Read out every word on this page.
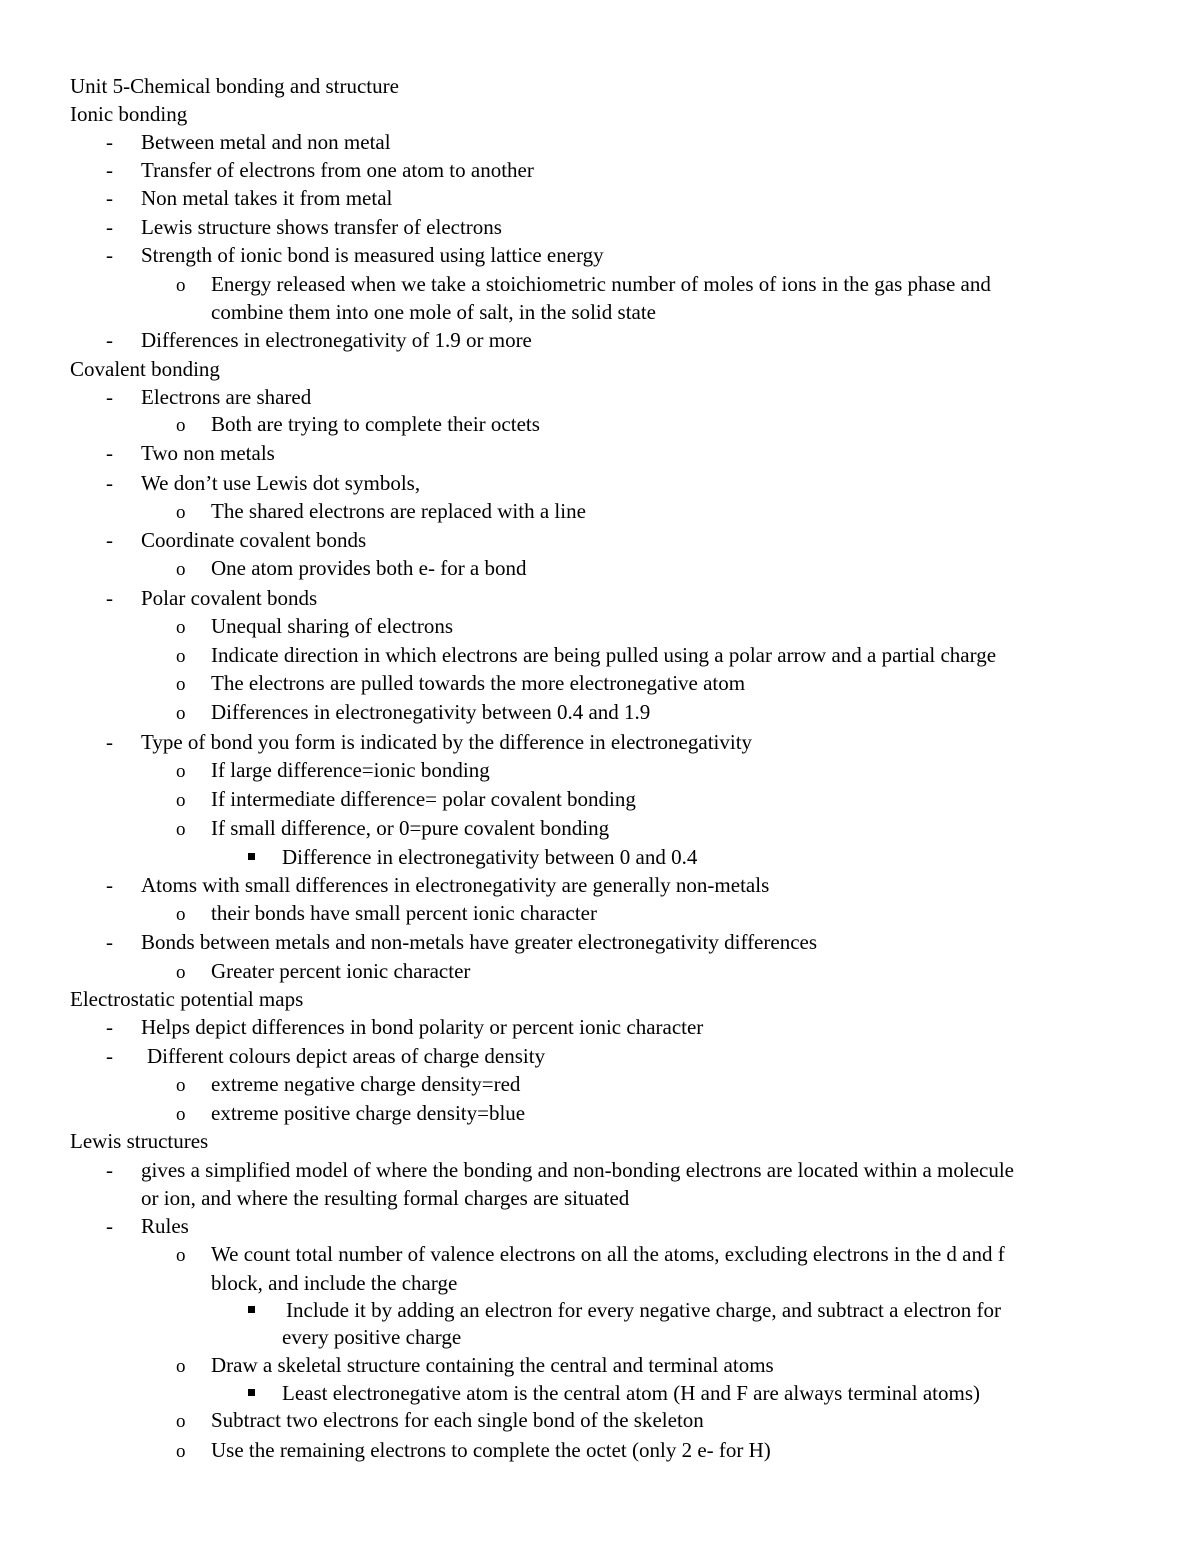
Unit 5-Chemical bonding and structure
Ionic bonding
- Between metal and non metal
- Transfer of electrons from one atom to another
- Non metal takes it from metal
- Lewis structure shows transfer of electrons
- Strength of ionic bond is measured using lattice energy
o Energy released when we take a stoichiometric number of moles of ions in the gas phase and
combine them into one mole of salt, in the solid state
- Differences in electronegativity of 1.9 or more
Covalent bonding
- Electrons are shared
o Both are trying to complete their octets
- Two non metals
- We don’t use Lewis dot symbols,
o The shared electrons are replaced with a line
- Coordinate covalent bonds
o One atom provides both e- for a bond
- Polar covalent bonds
o Unequal sharing of electrons
o Indicate direction in which electrons are being pulled using a polar arrow and a partial charge
o The electrons are pulled towards the more electronegative atom
o Differences in electronegativity between 0.4 and 1.9
- Type of bond you form is indicated by the difference in electronegativity
o If large difference=ionic bonding
o If intermediate difference= polar covalent bonding
o If small difference, or 0=pure covalent bonding
Difference in electronegativity between 0 and 0.4
- Atoms with small differences in electronegativity are generally non-metals
o their bonds have small percent ionic character
- Bonds between metals and non-metals have greater electronegativity differences
o Greater percent ionic character
Electrostatic potential maps
- Helps depict differences in bond polarity or percent ionic character
- Different colours depict areas of charge density
o extreme negative charge density=red
o extreme positive charge density=blue
Lewis structures
- gives a simplified model of where the bonding and non-bonding electrons are located within a molecule
or ion, and where the resulting formal charges are situated
- Rules
o We count total number of valence electrons on all the atoms, excluding electrons in the d and f
block, and include the charge
Include it by adding an electron for every negative charge, and subtract a electron for
every positive charge
o Draw a skeletal structure containing the central and terminal atoms
Least electronegative atom is the central atom (H and F are always terminal atoms)
o Subtract two electrons for each single bond of the skeleton
o Use the remaining electrons to complete the octet (only 2 e- for H)
